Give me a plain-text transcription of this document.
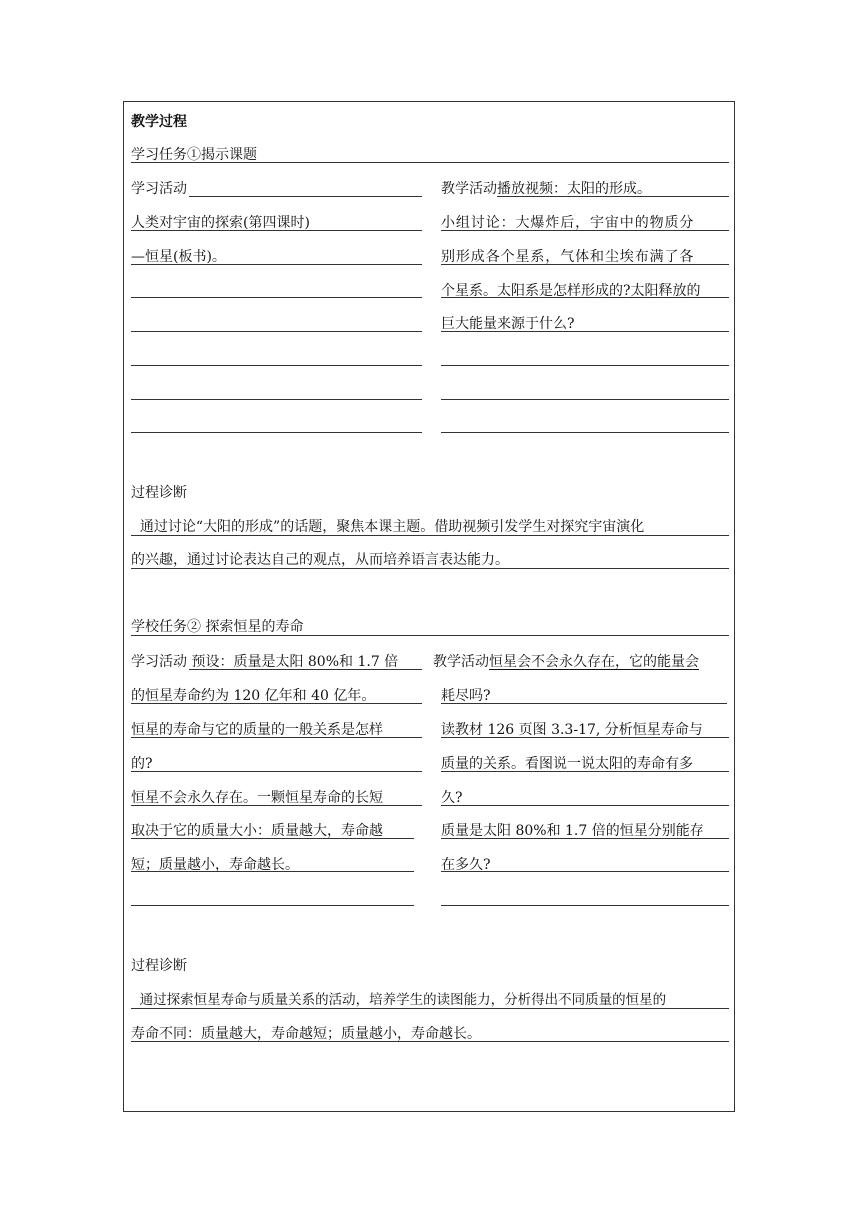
教学过程
学习任务①揭示课题
学习活动
人类对宇宙的探索(第四课时)
—恒星(板书)。
教学活动播放视频：太阳的形成。
小组讨论：大爆炸后，宇宙中的物质分
别形成各个星系，气体和尘埃布满了各
个星系。太阳系是怎样形成的?太阳释放的
巨大能量来源于什么?
过程诊断
通过讨论“大阳的形成”的话题，聚焦本课主题。借助视频引发学生对探究宇宙演化
的兴趣，通过讨论表达自己的观点，从而培养语言表达能力。
学校任务② 探索恒星的寿命
学习活动 预设：质量是太阳 80%和 1.7 倍
的恒星寿命约为 120 亿年和 40 亿年。
恒星的寿命与它的质量的一般关系是怎样
的?
恒星不会永久存在。一颗恒星寿命的长短
取决于它的质量大小：质量越大，寿命越
短；质量越小，寿命越长。
教学活动恒星会不会永久存在，它的能量会
耗尽吗?
读教材 126 页图 3.3-17, 分析恒星寿命与
质量的关系。看图说一说太阳的寿命有多
久?
质量是太阳 80%和 1.7 倍的恒星分别能存
在多久?
过程诊断
通过探索恒星寿命与质量关系的活动，培养学生的读图能力，分析得出不同质量的恒星的
寿命不同：质量越大，寿命越短；质量越小，寿命越长。
